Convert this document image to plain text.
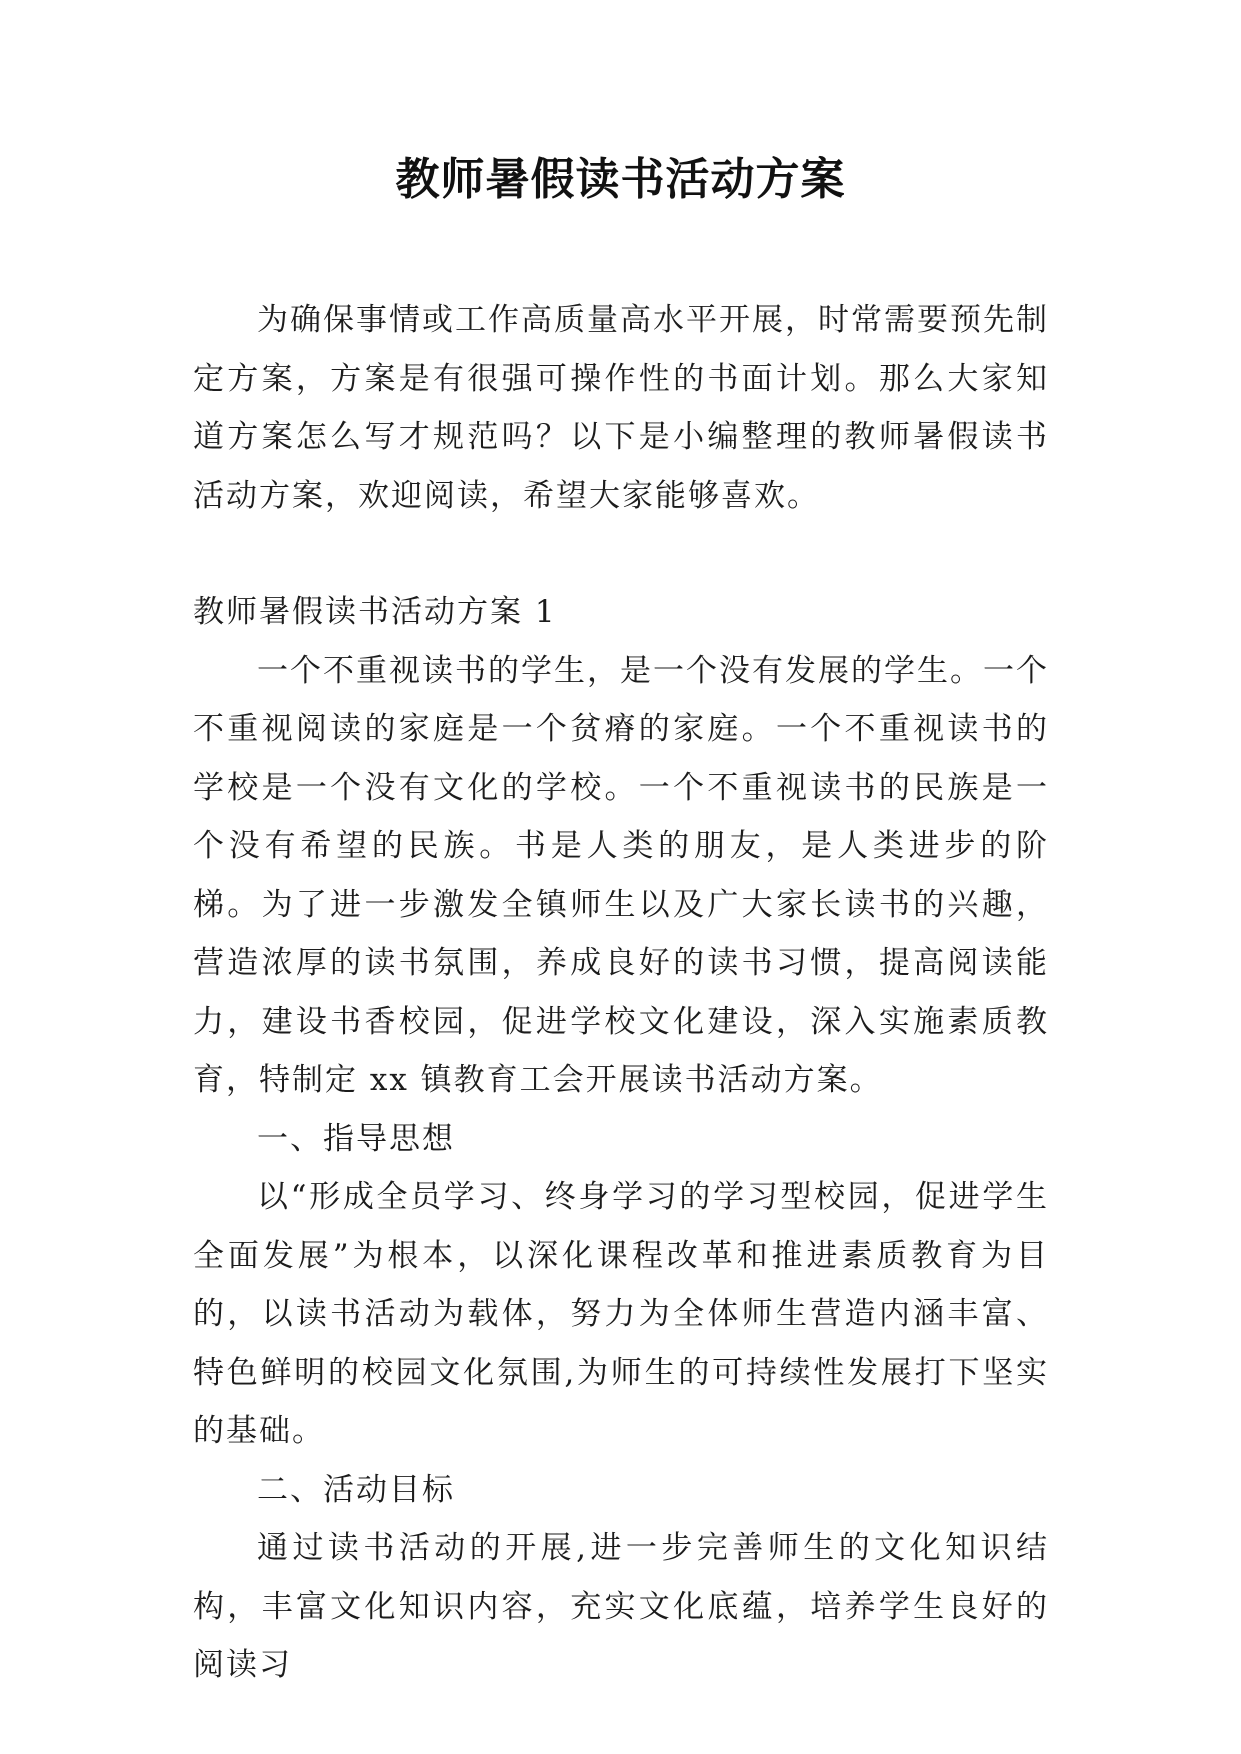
教师暑假读书活动方案

为确保事情或工作高质量高水平开展，时常需要预先制定方案，方案是有很强可操作性的书面计划。那么大家知道方案怎么写才规范吗？以下是小编整理的教师暑假读书活动方案，欢迎阅读，希望大家能够喜欢。

教师暑假读书活动方案 1

一个不重视读书的学生，是一个没有发展的学生。一个不重视阅读的家庭是一个贫瘠的家庭。一个不重视读书的学校是一个没有文化的学校。一个不重视读书的民族是一个没有希望的民族。书是人类的朋友，是人类进步的阶梯。为了进一步激发全镇师生以及广大家长读书的兴趣，营造浓厚的读书氛围，养成良好的读书习惯，提高阅读能力，建设书香校园，促进学校文化建设，深入实施素质教育，特制定 xx 镇教育工会开展读书活动方案。

一、指导思想

以“形成全员学习、终身学习的学习型校园，促进学生全面发展”为根本，以深化课程改革和推进素质教育为目的，以读书活动为载体，努力为全体师生营造内涵丰富、特色鲜明的校园文化氛围,为师生的可持续性发展打下坚实的基础。

二、活动目标

通过读书活动的开展,进一步完善师生的文化知识结构，丰富文化知识内容，充实文化底蕴，培养学生良好的阅读习
